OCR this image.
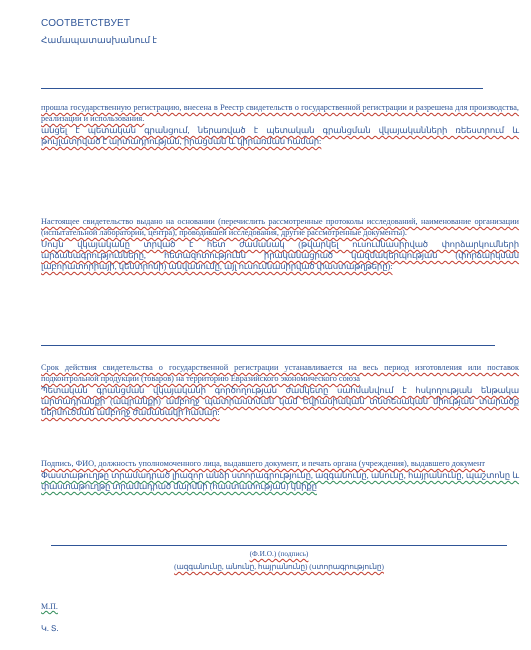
СООТВЕТСТВУЕТ
Համապատասխանում է

прошла государственную регистрацию, внесена в Реестр свидетельств о государственной регистрации и разрешена для производства, реализации и использования.

անցել է պետական գրանցում, ներառված է պետական գրանցման վկայականների ռեեստրում և թույլատրված է արտադրության, իրացման և կիրառման համար:

Настоящее свидетельство выдано на основании (перечислить рассмотренные протоколы исследований, наименование организации (испытательной лаборатории, центра), проводившей исследования, другие рассмотренные документы).

Սույն վկայականը տրված է հետ ժամանակ (թվարկել ուսումնասիրված փորձարկումների արձանագրությունները, հետազոտությունն իրականացրած կազմակերպության (փորձարկման լաբորատորիայի, կենտրոնի) անվանումը, այլ ուսումնասիրված փաստաթղթերը):

Срок действия свидетельства о государственной регистрации устанавливается на весь период изготовления или поставок подконтрольной продукции (товаров) на территорию Евразийского экономического союза

Պետական գրանցման վկայականի գործողության ժամկետը սահմանվում է հսկողության ենթակա արտադրանքի (ապրանքի) ամբողջ պատրաստման կամ Եվրասիական տնտեսական միության տարածք ներմուծման ամբողջ ժամանակի համար:

Подпись, ФИО, должность уполномоченного лица, выдавшего документ, и печать органа (учреждения), выдавшего документ

Փաստաթուղթը տրամադրած լիազոր անձի ստորագրությունը, ազգանունը, անունը, հայրանունը, պաշտոնը և փաստաթուղթը տրամադրած մարմնի (հաստատության) կնիքը

(Ф.И.О.) (подпись)

(ազգանունը, անունը, հայրանունը) (ստորագրությունը)

М.П.
Կ. Տ.
